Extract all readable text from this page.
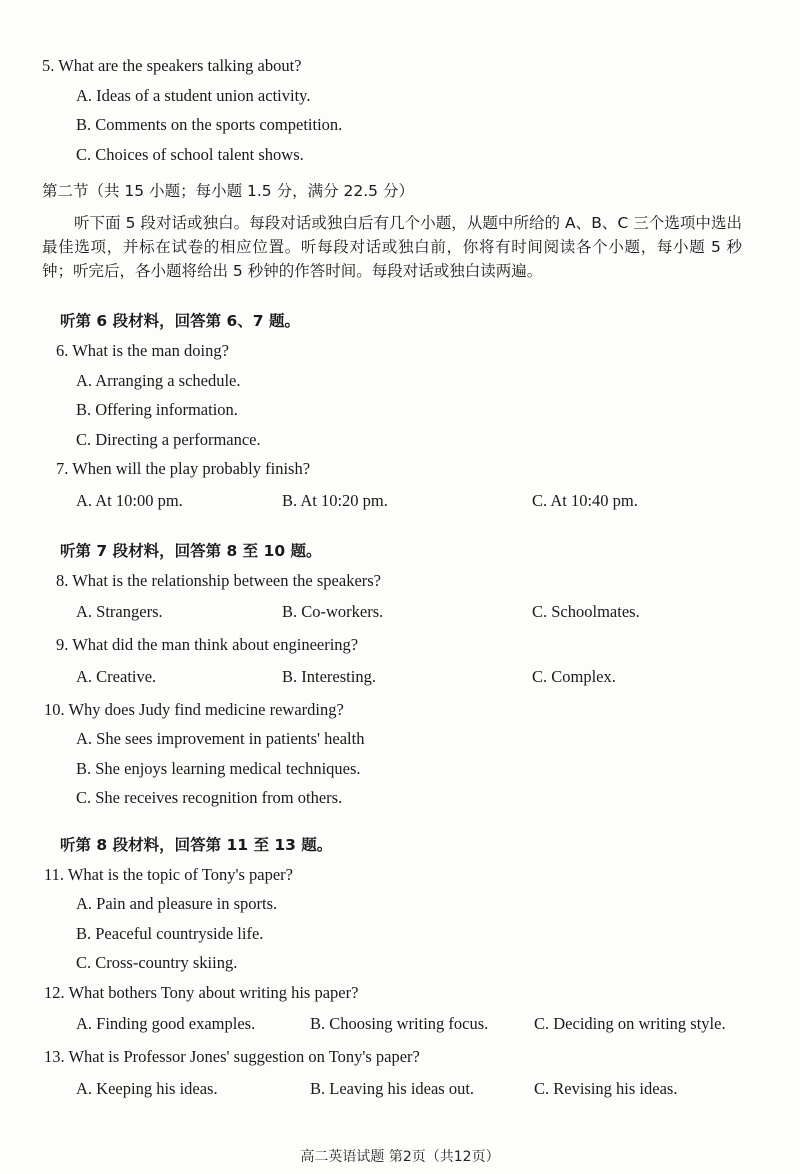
5. What are the speakers talking about?
A. Ideas of a student union activity.
B. Comments on the sports competition.
C. Choices of school talent shows.
第二节（共 15 小题；每小题 1.5 分，满分 22.5 分）
听下面 5 段对话或独白。每段对话或独白后有几个小题，从题中所给的 A、B、C 三个选项中选出最佳选项，并标在试卷的相应位置。听每段对话或独白前，你将有时间阅读各个小题，每小题 5 秒钟；听完后，各小题将给出 5 秒钟的作答时间。每段对话或独白读两遍。
听第 6 段材料，回答第 6、7 题。
6. What is the man doing?
A. Arranging a schedule.
B. Offering information.
C. Directing a performance.
7. When will the play probably finish?
A. At 10:00 pm.	B. At 10:20 pm.	C. At 10:40 pm.
听第 7 段材料，回答第 8 至 10 题。
8. What is the relationship between the speakers?
A. Strangers.	B. Co-workers.	C. Schoolmates.
9. What did the man think about engineering?
A. Creative.	B. Interesting.	C. Complex.
10. Why does Judy find medicine rewarding?
A. She sees improvement in patients' health
B. She enjoys learning medical techniques.
C. She receives recognition from others.
听第 8 段材料，回答第 11 至 13 题。
11. What is the topic of Tony's paper?
A. Pain and pleasure in sports.
B. Peaceful countryside life.
C. Cross-country skiing.
12. What bothers Tony about writing his paper?
A. Finding good examples.	B. Choosing writing focus.	C. Deciding on writing style.
13. What is Professor Jones' suggestion on Tony's paper?
A. Keeping his ideas.	B. Leaving his ideas out.	C. Revising his ideas.
高二英语试题 第2页（共12页）
